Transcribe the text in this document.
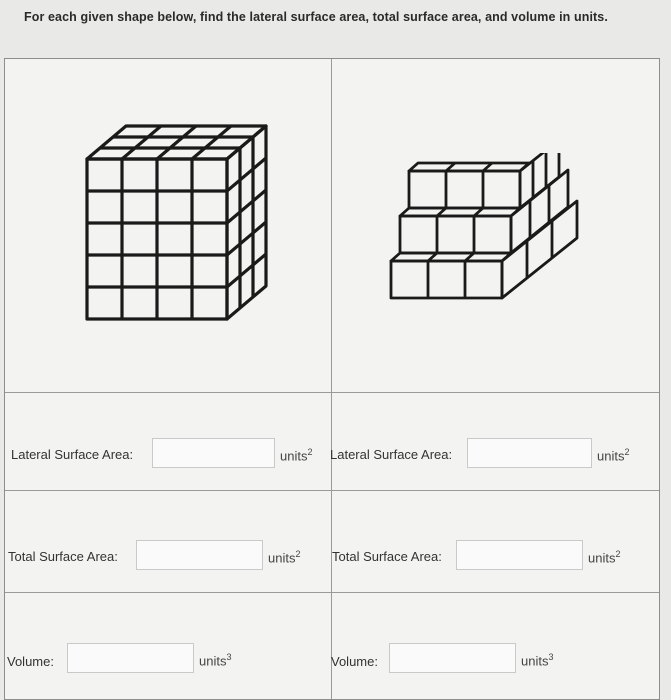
For each given shape below, find the lateral surface area, total surface area, and volume in units.
Lateral Surface Area:	units$^2$ Lateral Surface Area:	units$^2$
Total Surface Area:	units$^2$ Total Surface Area:	units$^2$
Volume:	units$^3$	Volume:	units$^3$
